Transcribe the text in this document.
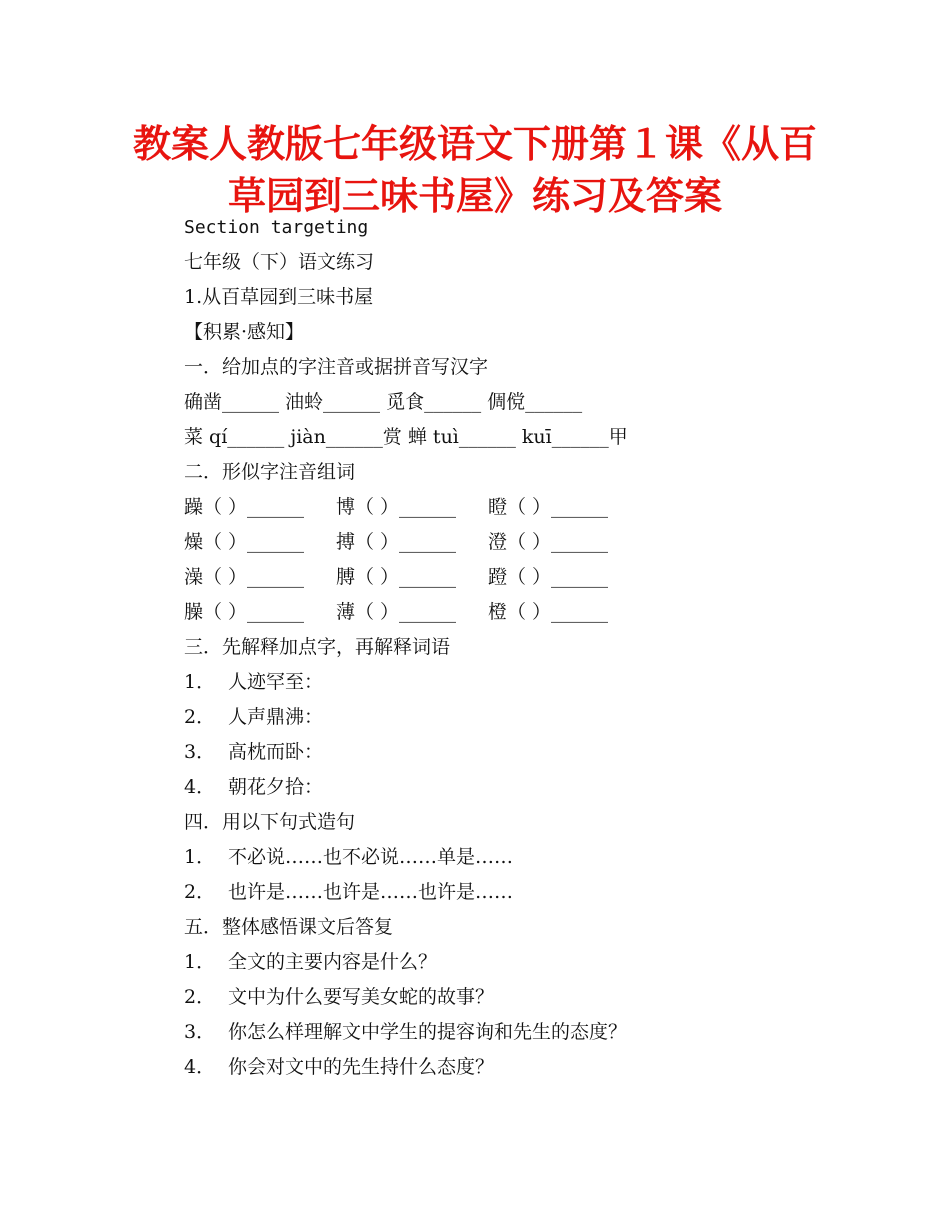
教案人教版七年级语文下册第１课《从百
草园到三味书屋》练习及答案
Section targeting
七年级（下）语文练习
1.从百草园到三味书屋
【积累·感知】
一．给加点的字注音或据拼音写汉字
确凿______ 油蛉______ 觅食______ 倜傥______
菜 qí______ jiàn______赏 蝉 tuì______ kuī______甲
二．形似字注音组词
躁（ ）______ 博（ ）______ 瞪（ ）______
燥（ ）______ 搏（ ）______ 澄（ ）______
澡（ ）______ 膊（ ）______ 蹬（ ）______
臊（ ）______ 薄（ ）______ 橙（ ）______
三．先解释加点字，再解释词语
1． 人迹罕至：
2． 人声鼎沸：
3． 高枕而卧：
4． 朝花夕拾：
四．用以下句式造句
1． 不必说……也不必说……单是……
2． 也许是……也许是……也许是……
五．整体感悟课文后答复
1． 全文的主要内容是什么？
2． 文中为什么要写美女蛇的故事？
3． 你怎么样理解文中学生的提容询和先生的态度？
4． 你会对文中的先生持什么态度？
